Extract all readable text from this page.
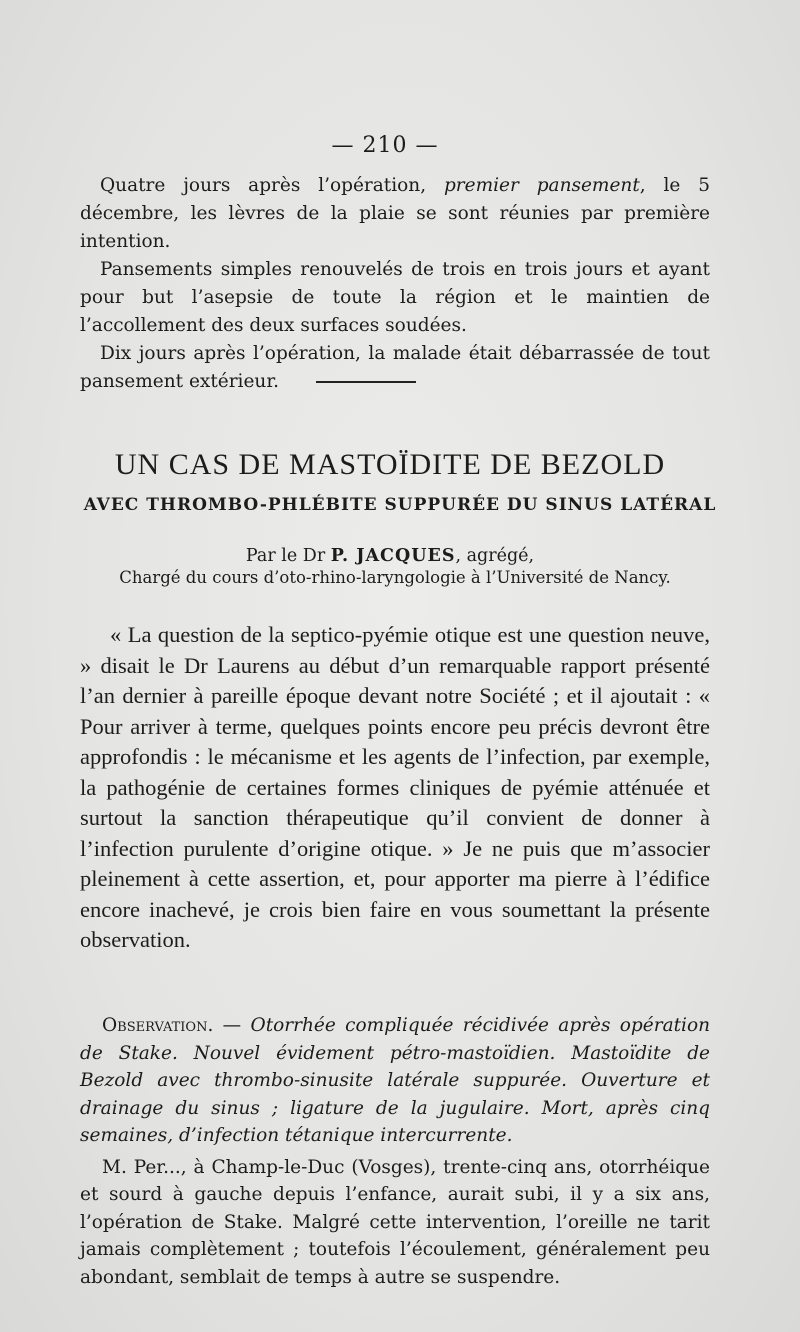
— 210 —

Quatre jours après l’opération, premier pansement, le 5 décembre, les lèvres de la plaie se sont réunies par première intention.

Pansements simples renouvelés de trois en trois jours et ayant pour but l’asepsie de toute la région et le maintien de l’accollement des deux surfaces soudées.

Dix jours après l’opération, la malade était débarrassée de tout pansement extérieur.

UN CAS DE MASTOÏDITE DE BEZOLD
AVEC THROMBO-PHLÉBITE SUPPURÉE DU SINUS LATÉRAL
Par le Dr P. JACQUES, agrégé,
Chargé du cours d’oto-rhino-laryngologie à l’Université de Nancy.

« La question de la septico-pyémie otique est une question neuve, » disait le Dr Laurens au début d’un remarquable rapport présenté l’an dernier à pareille époque devant notre Société ; et il ajoutait : « Pour arriver à terme, quelques points encore peu précis devront être approfondis : le mécanisme et les agents de l’infection, par exemple, la pathogénie de certaines formes cliniques de pyémie atténuée et surtout la sanction thérapeutique qu’il convient de donner à l’infection purulente d’origine otique. » Je ne puis que m’associer pleinement à cette assertion, et, pour apporter ma pierre à l’édifice encore inachevé, je crois bien faire en vous soumettant la présente observation.

Observation. — Otorrhée compliquée récidivée après opération de Stake. Nouvel évidement pétro-mastoïdien. Mastoïdite de Bezold avec thrombo-sinusite latérale suppurée. Ouverture et drainage du sinus ; ligature de la jugulaire. Mort, après cinq semaines, d’infection tétanique intercurrente.

M. Per..., à Champ-le-Duc (Vosges), trente-cinq ans, otorrhéique et sourd à gauche depuis l’enfance, aurait subi, il y a six ans, l’opération de Stake. Malgré cette intervention, l’oreille ne tarit jamais complètement ; toutefois l’écoulement, généralement peu abondant, semblait de temps à autre se suspendre.
